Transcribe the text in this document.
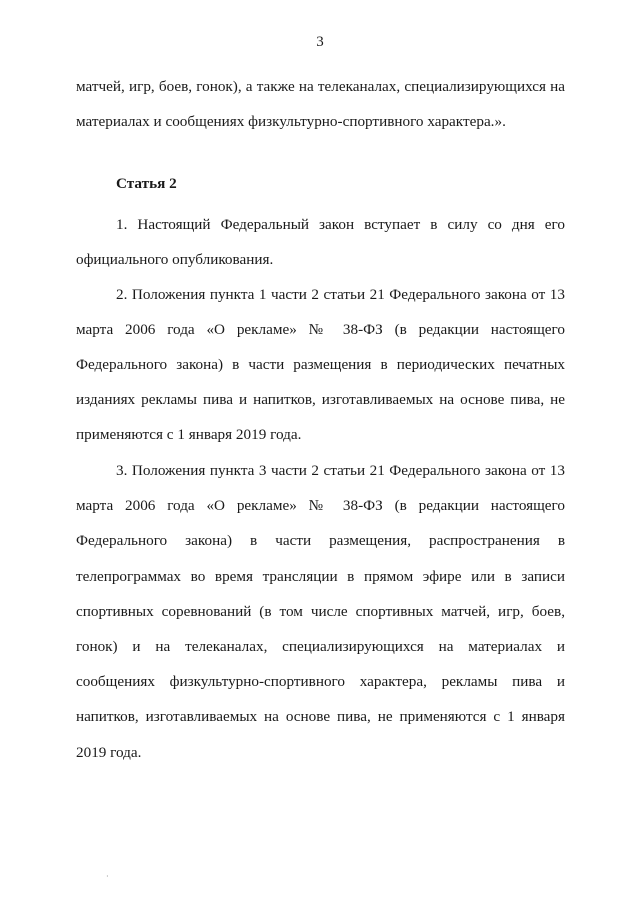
3
матчей, игр, боев, гонок), а также на телеканалах, специализирующихся на материалах и сообщениях физкультурно-спортивного характера.».
Статья 2
1. Настоящий Федеральный закон вступает в силу со дня его официального опубликования.
2. Положения пункта 1 части 2 статьи 21 Федерального закона от 13 марта 2006 года «О рекламе» № 38-ФЗ (в редакции настоящего Федерального закона) в части размещения в периодических печатных изданиях рекламы пива и напитков, изготавливаемых на основе пива, не применяются с 1 января 2019 года.
3. Положения пункта 3 части 2 статьи 21 Федерального закона от 13 марта 2006 года «О рекламе» № 38-ФЗ (в редакции настоящего Федерального закона) в части размещения, распространения в телепрограммах во время трансляции в прямом эфире или в записи спортивных соревнований (в том числе спортивных матчей, игр, боев, гонок) и на телеканалах, специализирующихся на материалах и сообщениях физкультурно-спортивного характера, рекламы пива и напитков, изготавливаемых на основе пива, не применяются с 1 января 2019 года.
·
